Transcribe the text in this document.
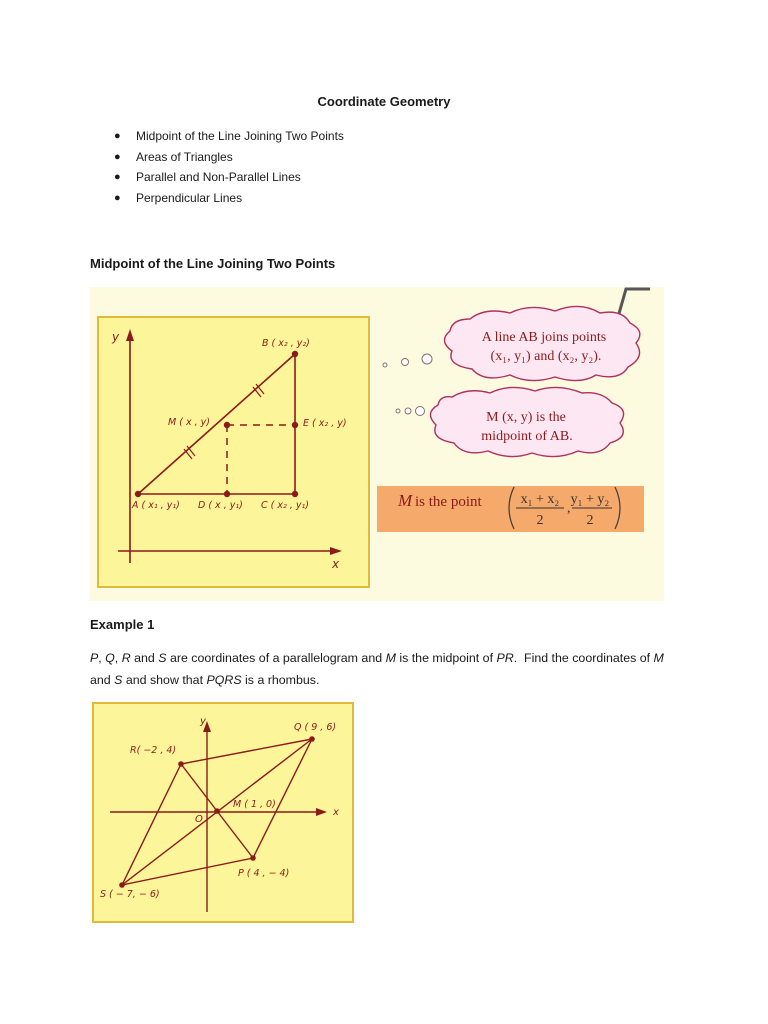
Coordinate Geometry
● Midpoint of the Line Joining Two Points
● Areas of Triangles
● Parallel and Non-Parallel Lines
● Perpendicular Lines
Midpoint of the Line Joining Two Points
y
x
B ( x₂ , y₂)
M ( x , y)	E ( x₂ , y)
A ( x₁ , y₁) D ( x , y₁) C ( x₂ , y₁)
A line AB joins points
(x₁, y₁) and (x₂, y₂).
M (x, y) is the
midpoint of AB.
M is the point	x₁ + x₂
2
,
y₁ + y₂
2
Example 1
P, Q, R and S are coordinates of a parallelogram and M is the midpoint of PR.  Find the coordinates of M
and S and show that PQRS is a rhombus.
y
x
O
Q ( 9 , 6)
R( −2 , 4)
M ( 1 , 0)
P ( 4 , − 4)
S ( − 7, − 6)
